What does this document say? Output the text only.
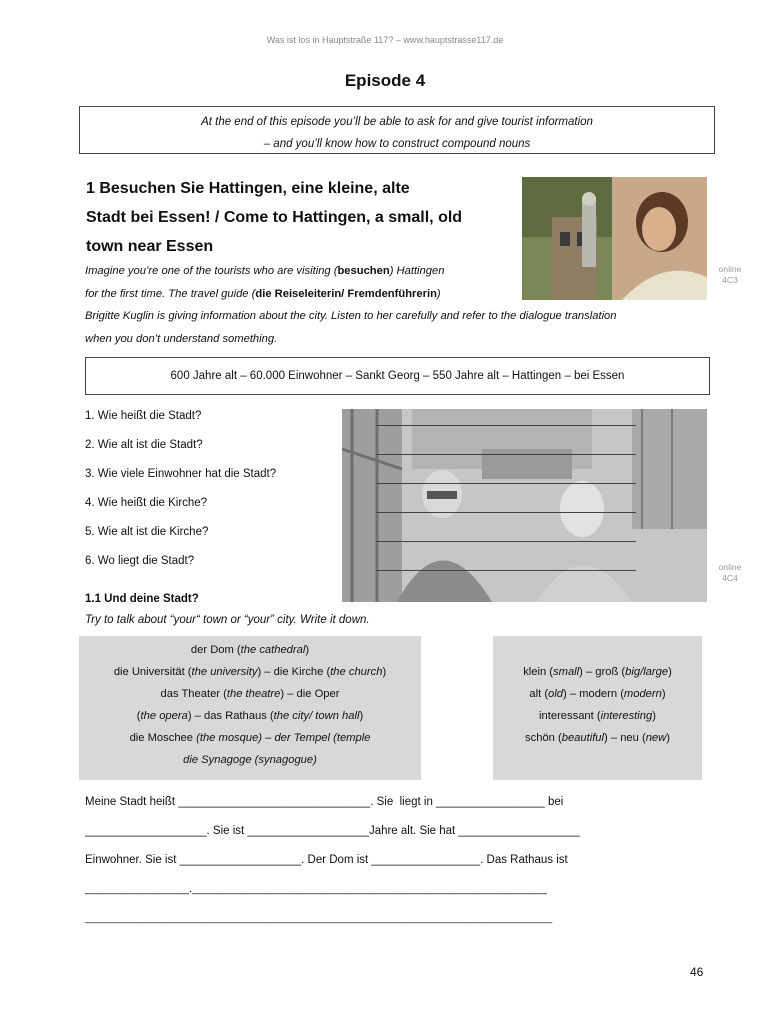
Was ist los in Hauptstraße 117? – www.hauptstrasse117.de
Episode 4
At the end of this episode you’ll be able to ask for and give tourist information
– and you’ll know how to construct compound nouns
1 Besuchen Sie Hattingen, eine kleine, alte
Stadt bei Essen! / Come to Hattingen, a small, old
town near Essen
Imagine you’re one of the tourists who are visiting (besuchen) Hattingen
for the first time. The travel guide (die Reiseleiterin/ Fremdenführerin)
Brigitte Kuglin is giving information about the city. Listen to her carefully and refer to the dialogue translation
when you don’t understand something.
online
4C3
600 Jahre alt – 60.000 Einwohner – Sankt Georg – 550 Jahre alt – Hattingen – bei Essen
1. Wie heißt die Stadt?
2. Wie alt ist die Stadt?
3. Wie viele Einwohner hat die Stadt?
4. Wie heißt die Kirche?
5. Wie alt ist die Kirche?
6. Wo liegt die Stadt?	online
4C4
1.1 Und deine Stadt?
Try to talk about “your“ town or “your” city. Write it down.
der Dom (the cathedral)
die Universität (the university) – die Kirche (the church)
das Theater (the theatre) – die Oper
(the opera) – das Rathaus (the city/ town hall)
die Moschee (the mosque) – der Tempel (temple
die Synagoge (synagogue)
klein (small) – groß (big/large)
alt (old) – modern (modern)
interessant (interesting)
schön (beautiful) – neu (new)
Meine Stadt heißt ______________________________. Sie  liegt in _________________ bei
___________________. Sie ist ___________________Jahre alt. Sie hat ___________________
Einwohner. Sie ist ___________________. Der Dom ist _________________. Das Rathaus ist
_________________.__________________________________________________________
________________________________________________________________________________
46
